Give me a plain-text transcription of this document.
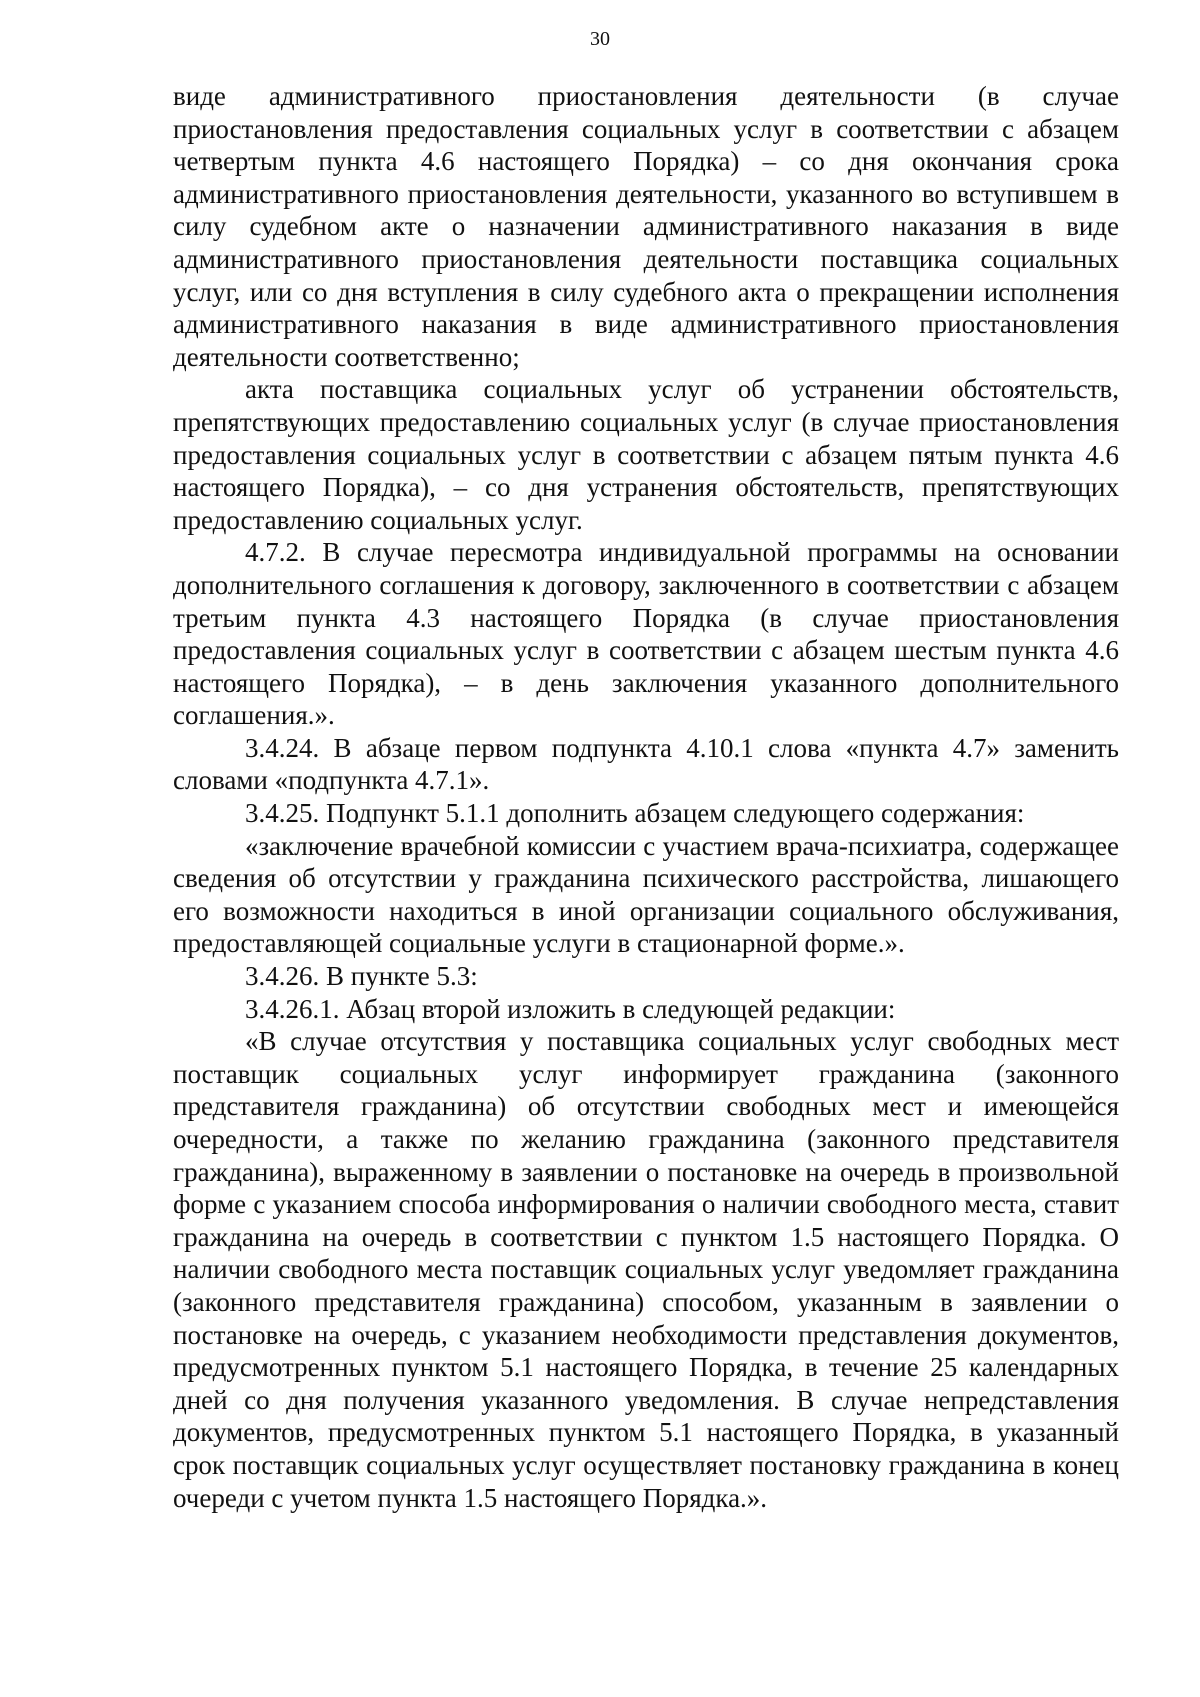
30

виде административного приостановления деятельности (в случае приостановления предоставления социальных услуг в соответствии с абзацем четвертым пункта 4.6 настоящего Порядка) – со дня окончания срока административного приостановления деятельности, указанного во вступившем в силу судебном акте о назначении административного наказания в виде административного приостановления деятельности поставщика социальных услуг, или со дня вступления в силу судебного акта о прекращении исполнения административного наказания в виде административного приостановления деятельности соответственно;

акта поставщика социальных услуг об устранении обстоятельств, препятствующих предоставлению социальных услуг (в случае приостановления предоставления социальных услуг в соответствии с абзацем пятым пункта 4.6 настоящего Порядка), – со дня устранения обстоятельств, препятствующих предоставлению социальных услуг.

4.7.2. В случае пересмотра индивидуальной программы на основании дополнительного соглашения к договору, заключенного в соответствии с абзацем третьим пункта 4.3 настоящего Порядка (в случае приостановления предоставления социальных услуг в соответствии с абзацем шестым пункта 4.6 настоящего Порядка), – в день заключения указанного дополнительного соглашения.».

3.4.24. В абзаце первом подпункта 4.10.1 слова «пункта 4.7» заменить словами «подпункта 4.7.1».

3.4.25. Подпункт 5.1.1 дополнить абзацем следующего содержания:

«заключение врачебной комиссии с участием врача-психиатра, содержащее сведения об отсутствии у гражданина психического расстройства, лишающего его возможности находиться в иной организации социального обслуживания, предоставляющей социальные услуги в стационарной форме.».

3.4.26. В пункте 5.3:

3.4.26.1. Абзац второй изложить в следующей редакции:

«В случае отсутствия у поставщика социальных услуг свободных мест поставщик социальных услуг информирует гражданина (законного представителя гражданина) об отсутствии свободных мест и имеющейся очередности, а также по желанию гражданина (законного представителя гражданина), выраженному в заявлении о постановке на очередь в произвольной форме с указанием способа информирования о наличии свободного места, ставит гражданина на очередь в соответствии с пунктом 1.5 настоящего Порядка. О наличии свободного места поставщик социальных услуг уведомляет гражданина (законного представителя гражданина) способом, указанным в заявлении о постановке на очередь, с указанием необходимости представления документов, предусмотренных пунктом 5.1 настоящего Порядка, в течение 25 календарных дней со дня получения указанного уведомления. В случае непредставления документов, предусмотренных пунктом 5.1 настоящего Порядка, в указанный срок поставщик социальных услуг осуществляет постановку гражданина в конец очереди с учетом пункта 1.5 настоящего Порядка.».
